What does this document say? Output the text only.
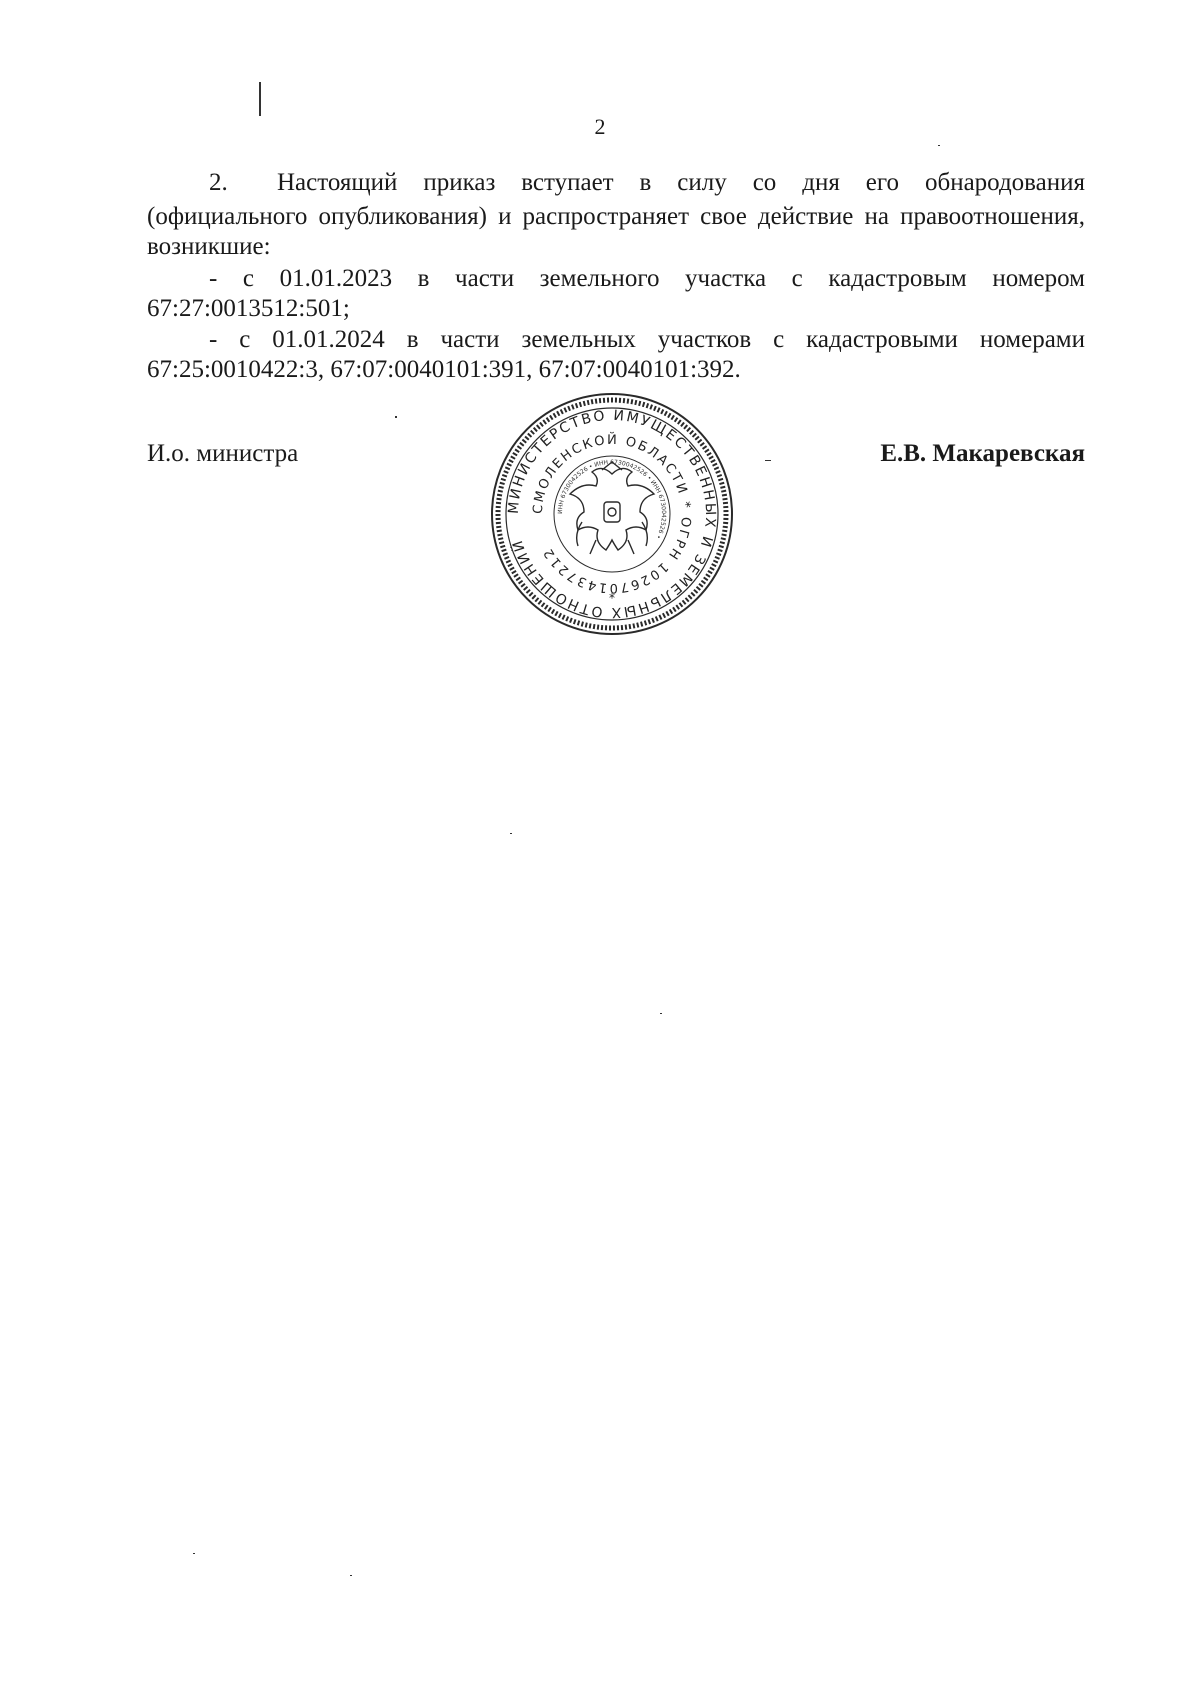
2
2. Настоящий приказ вступает в силу со дня его обнародования
(официального опубликования) и распространяет свое действие на правоотношения,
возникшие:
- с 01.01.2023 в части земельного участка с кадастровым номером
67:27:0013512:501;
- с 01.01.2024 в части земельных участков с кадастровыми номерами
67:25:0010422:3, 67:07:0040101:391, 67:07:0040101:392.
И.о. министра	Е.В. Макаревская
МИНИСТЕРСТВО ИМУЩЕСТВЕННЫХ И ЗЕМЕЛЬНЫХ ОТНОШЕНИЙ
СМОЛЕНСКОЙ ОБЛАСТИ * ОГРН 1026701437212
ИНН 6730042526 • ИНН 6730042526 • ИНН 6730042526 •
*
